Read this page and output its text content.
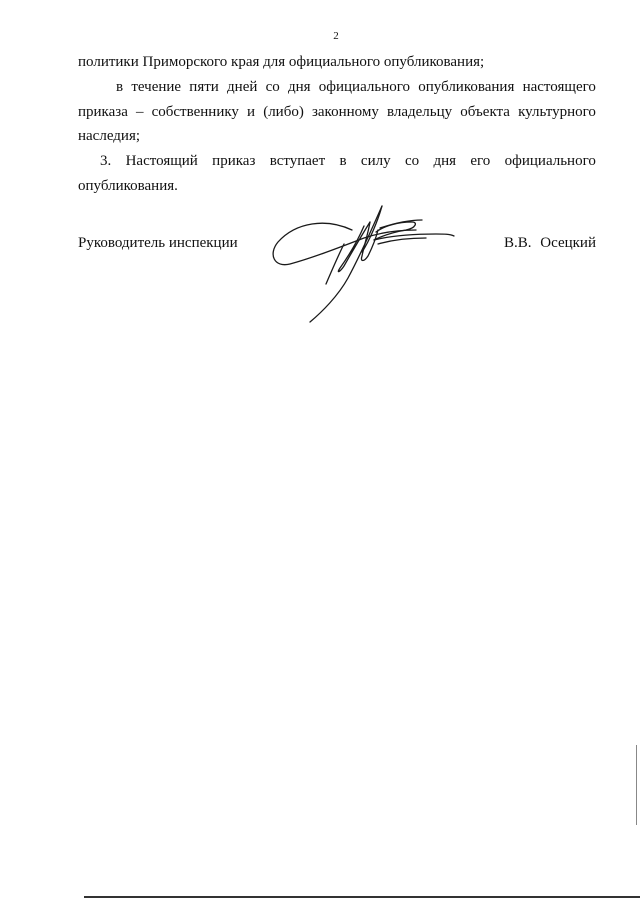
2
политики Приморского края для официального опубликования;
в течение пяти дней со дня официального опубликования настоящего
приказа – собственнику и (либо) законному владельцу объекта культурного
наследия;
3. Настоящий приказ вступает в силу со дня его официального
опубликования.
Руководитель инспекции	В.В. Осецкий
